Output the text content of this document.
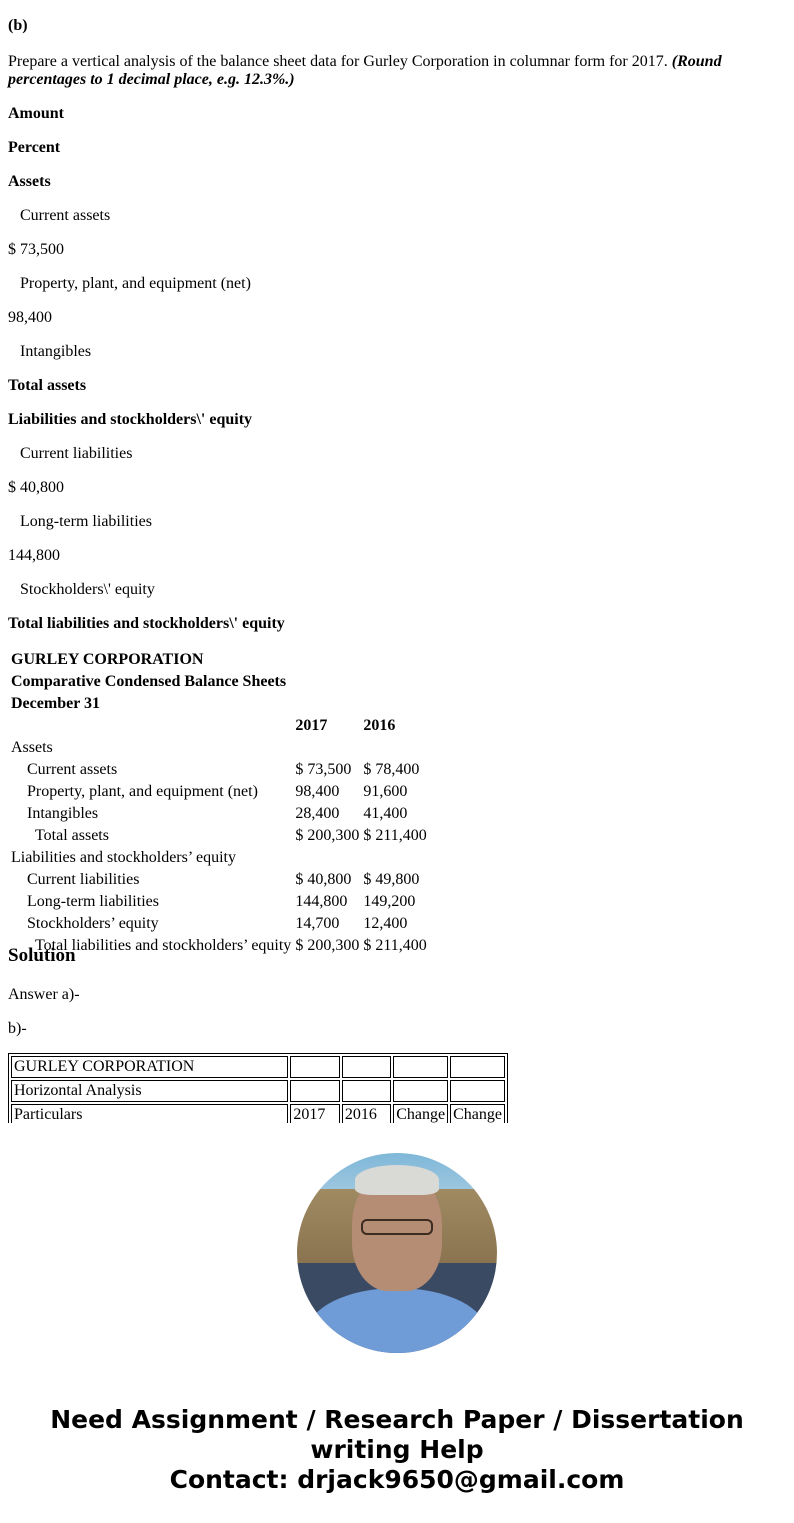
(b)

Prepare a vertical analysis of the balance sheet data for Gurley Corporation in columnar form for 2017. (Round percentages to 1 decimal place, e.g. 12.3%.)

Amount

Percent

Assets

Current assets

$ 73,500

Property, plant, and equipment (net)

98,400

Intangibles

Total assets

Liabilities and stockholders\' equity

Current liabilities

$ 40,800

Long-term liabilities

144,800

Stockholders\' equity

Total liabilities and stockholders\' equity

GURLEY CORPORATION		
Comparative Condensed Balance Sheets		
December 31		
	2017	2016
Assets		
Current assets	$ 73,500	$ 78,400
Property, plant, and equipment (net)	98,400	91,600
Intangibles	28,400	41,400
Total assets	$ 200,300	$ 211,400
Liabilities and stockholders’ equity		
Current liabilities	$ 40,800	$ 49,800
Long-term liabilities	144,800	149,200
Stockholders’ equity	14,700	12,400
Total liabilities and stockholders’ equity	$ 200,300	$ 211,400
Solution

Answer a)-

b)-

GURLEY CORPORATION				
Horizontal Analysis				
Particulars	2017	2016	Change	Change
Need Assignment / Research Paper / Dissertation
writing Help
Contact: drjack9650@gmail.com
